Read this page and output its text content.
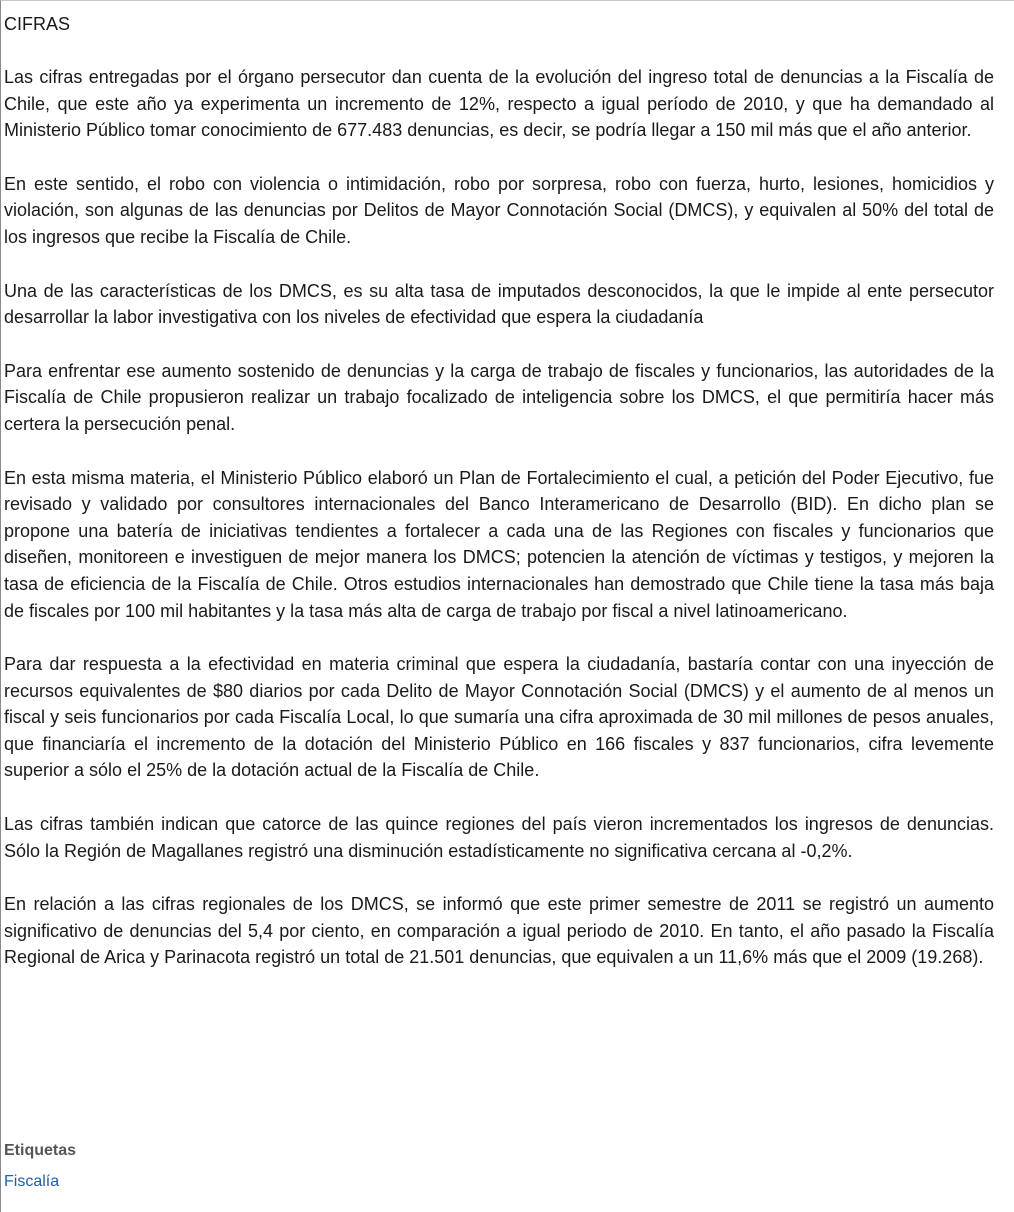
CIFRAS

Las cifras entregadas por el órgano persecutor dan cuenta de la evolución del ingreso total de denuncias a la Fiscalía de Chile, que este año ya experimenta un incremento de 12%, respecto a igual período de 2010, y que ha demandado al Ministerio Público tomar conocimiento de 677.483 denuncias, es decir, se podría llegar a 150 mil más que el año anterior.

En este sentido, el robo con violencia o intimidación, robo por sorpresa, robo con fuerza, hurto, lesiones, homicidios y violación, son algunas de las denuncias por Delitos de Mayor Connotación Social (DMCS), y equivalen al 50% del total de los ingresos que recibe la Fiscalía de Chile.

Una de las características de los DMCS, es su alta tasa de imputados desconocidos, la que le impide al ente persecutor desarrollar la labor investigativa con los niveles de efectividad que espera la ciudadanía

Para enfrentar ese aumento sostenido de denuncias y la carga de trabajo de fiscales y funcionarios, las autoridades de la Fiscalía de Chile propusieron realizar un trabajo focalizado de inteligencia sobre los DMCS, el que permitiría hacer más certera la persecución penal.

En esta misma materia, el Ministerio Público elaboró un Plan de Fortalecimiento el cual, a petición del Poder Ejecutivo, fue revisado y validado por consultores internacionales del Banco Interamericano de Desarrollo (BID). En dicho plan se propone una batería de iniciativas tendientes a fortalecer a cada una de las Regiones con fiscales y funcionarios que diseñen, monitoreen e investiguen de mejor manera los DMCS; potencien la atención de víctimas y testigos, y mejoren la tasa de eficiencia de la Fiscalía de Chile. Otros estudios internacionales han demostrado que Chile tiene la tasa más baja de fiscales por 100 mil habitantes y la tasa más alta de carga de trabajo por fiscal a nivel latinoamericano.

Para dar respuesta a la efectividad en materia criminal que espera la ciudadanía, bastaría contar con una inyección de recursos equivalentes de $80 diarios por cada Delito de Mayor Connotación Social (DMCS) y el aumento de al menos un fiscal y seis funcionarios por cada Fiscalía Local, lo que sumaría una cifra aproximada de 30 mil millones de pesos anuales, que financiaría el incremento de la dotación del Ministerio Público en 166 fiscales y 837 funcionarios, cifra levemente superior a sólo el 25% de la dotación actual de la Fiscalía de Chile.

Las cifras también indican que catorce de las quince regiones del país vieron incrementados los ingresos de denuncias. Sólo la Región de Magallanes registró una disminución estadísticamente no significativa cercana al -0,2%.

En relación a las cifras regionales de los DMCS, se informó que este primer semestre de 2011 se registró un aumento significativo de denuncias del 5,4 por ciento, en comparación a igual periodo de 2010. En tanto, el año pasado la Fiscalía Regional de Arica y Parinacota registró un total de 21.501 denuncias, que equivalen a un 11,6% más que el 2009 (19.268).

Etiquetas
Fiscalía
